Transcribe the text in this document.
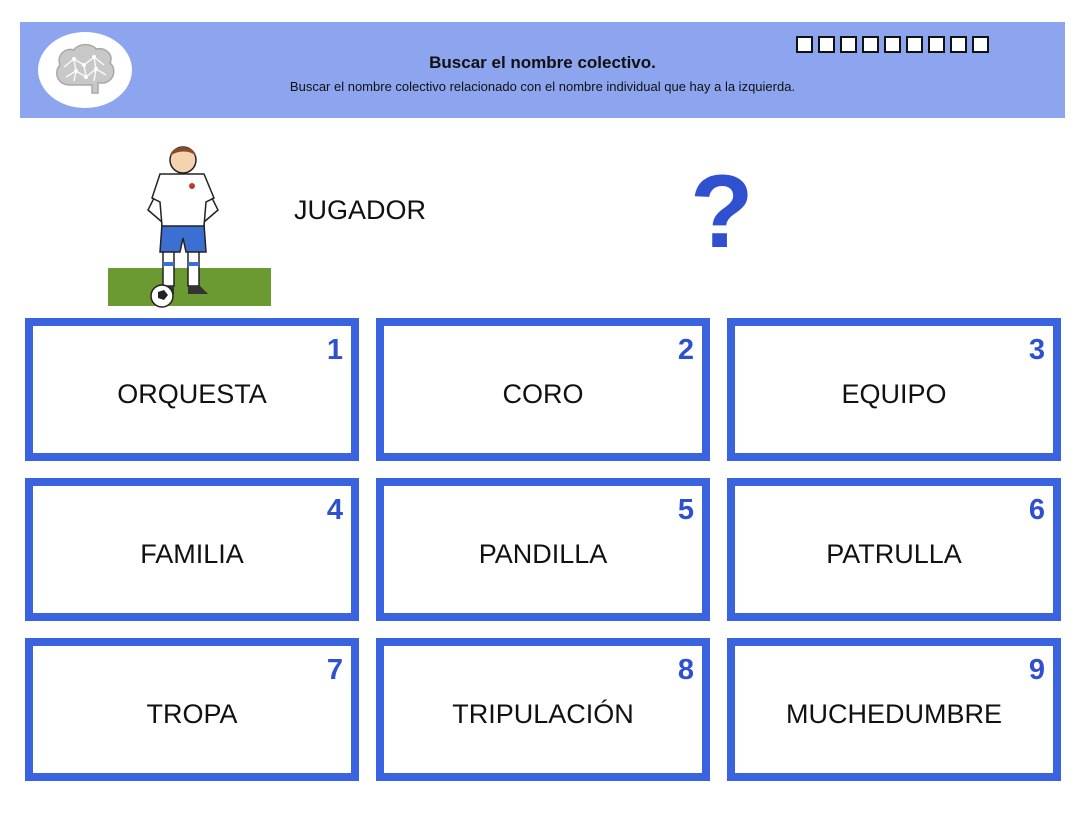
Buscar el nombre colectivo.
Buscar el nombre colectivo relacionado con el nombre individual que hay a la izquierda.
JUGADOR	?
1
ORQUESTA
2
CORO
3
EQUIPO
4
FAMILIA
5
PANDILLA
6
PATRULLA
7
TROPA
8
TRIPULACIÓN
9
MUCHEDUMBRE
